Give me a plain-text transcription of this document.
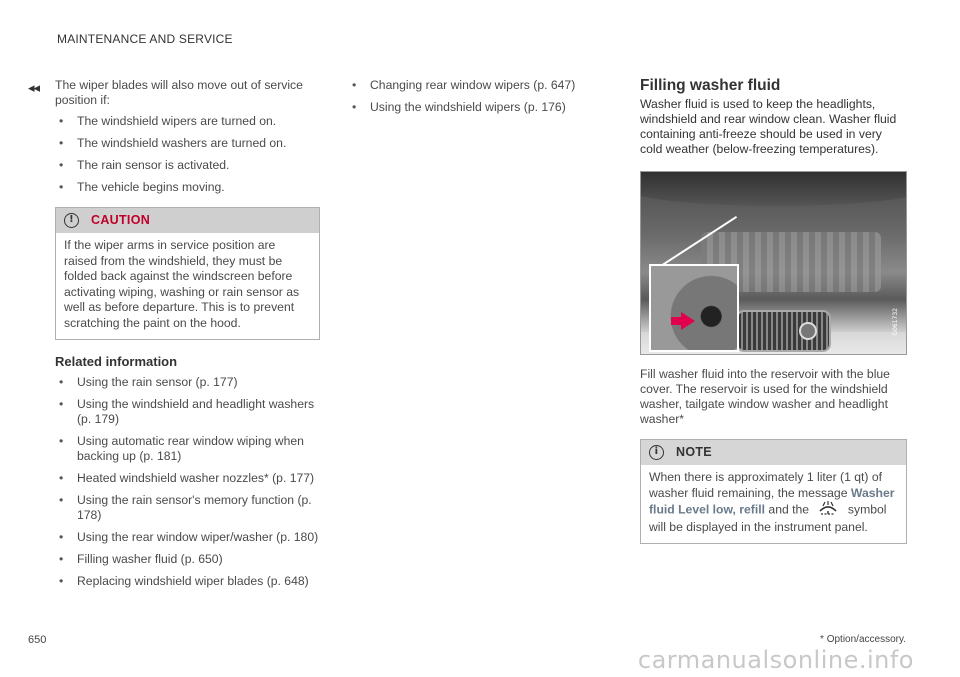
MAINTENANCE AND SERVICE
◂◂ The wiper blades will also move out of service position if:

• The windshield wipers are turned on.
• The windshield washers are turned on.
• The rain sensor is activated.
• The vehicle begins moving.
!	CAUTION
If the wiper arms in service position are raised from the windshield, they must be folded back against the windscreen before activating wiping, washing or rain sensor as well as before departure. This is to prevent scratching the paint on the hood.
Related information
• Using the rain sensor (p. 177)
• Using the windshield and headlight washers (p. 179)
• Using automatic rear window wiping when backing up (p. 181)
• Heated windshield washer nozzles* (p. 177)
• Using the rain sensor's memory function (p. 178)
• Using the rear window wiper/washer (p. 180)
• Filling washer fluid (p. 650)
• Replacing windshield wiper blades (p. 648)
• Changing rear window wipers (p. 647)
• Using the windshield wipers (p. 176)
Filling washer fluid

Washer fluid is used to keep the headlights, windshield and rear window clean. Washer fluid containing anti-freeze should be used in very cold weather (below-freezing temperatures).

G061732

Fill washer fluid into the reservoir with the blue cover. The reservoir is used for the windshield washer, tailgate window washer and headlight washer*

i	NOTE
When there is approximately 1 liter (1 qt) of washer fluid remaining, the message Washer fluid Level low, refill and the	symbol will be displayed in the instrument panel.
650	* Option/accessory.
carmanualsonline.info
